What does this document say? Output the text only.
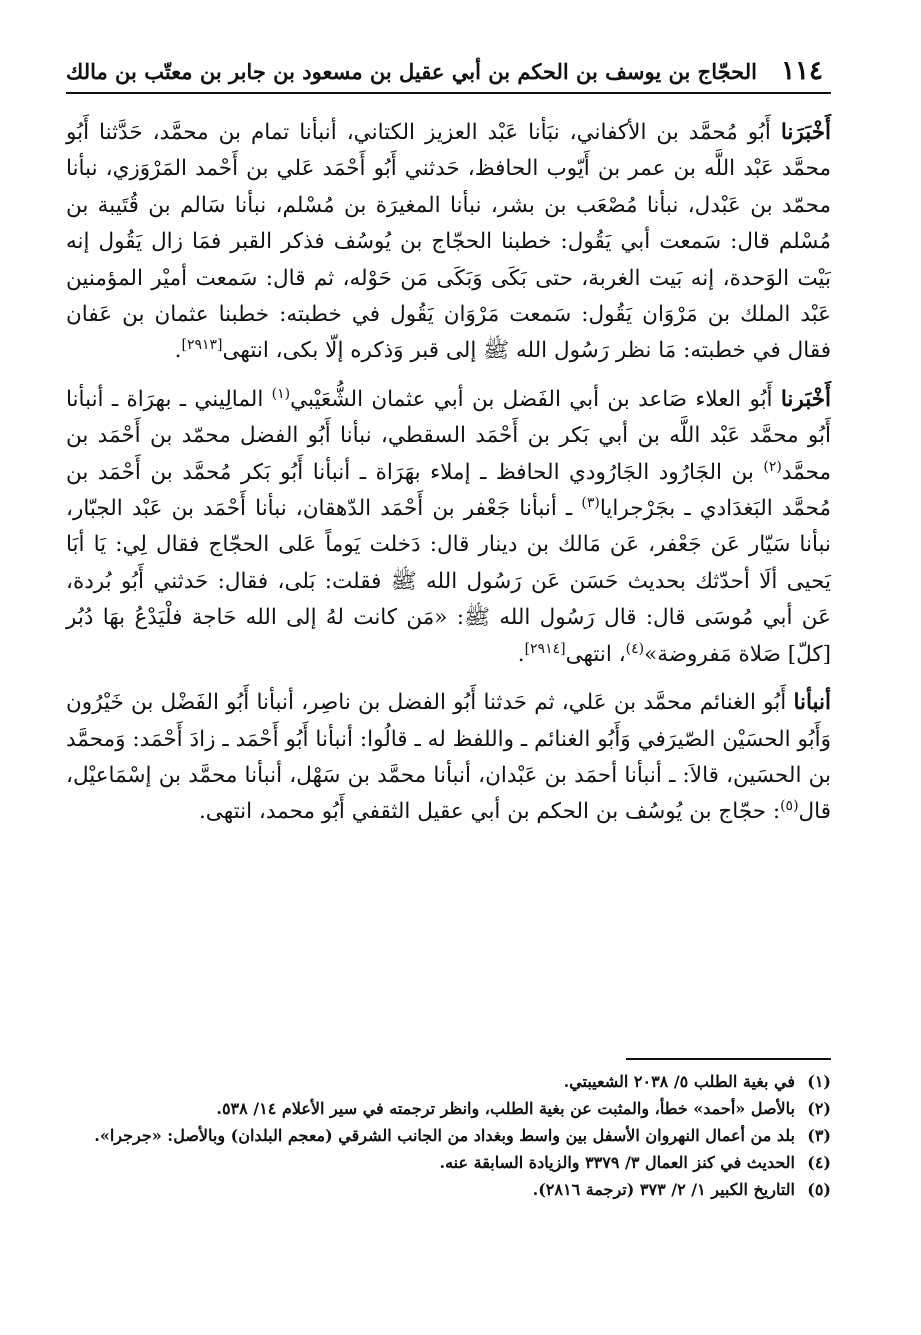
١١٤
الحجّاج بن يوسف بن الحكم بن أبي عقيل بن مسعود بن جابر بن معتّب بن مالك

أَخْبَرَنا أَبُو مُحمَّد بن الأكفاني، نبَأنا عَبْد العزيز الكتاني، أنبأنا تمام بن محمَّد، حَدَّثنا أَبُو محمَّد عَبْد اللَّه بن عمر بن أَيّوب الحافظ، حَدثني أَبُو أَحْمَد عَلي بن أَحْمد المَرْوَزي، نبأنا محمّد بن عَبْدل، نبأنا مُصْعَب بن بشر، نبأنا المغيرَة بن مُسْلم، نبأنا سَالم بن قُتَيبة بن مُسْلم قال: سَمعت أبي يَقُول: خطبنا الحجّاج بن يُوسُف فذكر القبر فمَا زال يَقُول إنه بَيْت الوَحدة، إنه بَيت الغربة، حتى بَكَى وَبَكَى مَن حَوْله، ثم قال: سَمعت أميْر المؤمنين عَبْد الملك بن مَرْوَان يَقُول: سَمعت مَرْوَان يَقُول في خطبته: خطبنا عثمان بن عَفان فقال في خطبته: مَا نظر رَسُول الله ﷺ إلى قبر وَذكره إلّا بكى، انتهى[٢٩١٣].

أَخْبَرنا أَبُو العلاء صَاعد بن أبي الفَضل بن أبي عثمان الشُّعَيْبي$^{(١)}$ المالِيني ـ بهرَاة ـ أنبأنا أَبُو محمَّد عَبْد اللَّه بن أبي بَكر بن أَحْمَد السقطي، نبأنا أَبُو الفضل محمّد بن أَحْمَد بن محمَّد$^{(٢)}$ بن الجَارُود الجَارُودي الحافظ ـ إملاء بهَرَاة ـ أنبأنا أَبُو بَكر مُحمَّد بن أَحْمَد بن مُحمَّد البَغدَادي ـ بجَرْجرايا$^{(٣)}$ ـ أنبأنا جَعْفر بن أَحْمَد الدّهقان، نبأنا أَحْمَد بن عَبْد الجبّار، نبأنا سَيّار عَن جَعْفر، عَن مَالك بن دينار قال: دَخلت يَوماً عَلى الحجّاج فقال لِي: يَا أبَا يَحيى ألَا أحدّثك بحديث حَسَن عَن رَسُول الله ﷺ فقلت: بَلى، فقال: حَدثني أَبُو بُردة، عَن أبي مُوسَى قال: قال رَسُول الله ﷺ: «مَن كانت لهُ إلى الله حَاجة فلْيَدْعُ بهَا دُبُر [كلّ] صَلاة مَفروضة»$^{(٤)}$، انتهى[٢٩١٤].

أنبأنا أَبُو الغنائم محمَّد بن عَلي، ثم حَدثنا أَبُو الفضل بن ناصِر، أنبأنا أَبُو الفَضْل بن خَيْرُون وَأَبُو الحسَيْن الصّيرَفي وَأَبُو الغنائم ـ واللفظ له ـ قالُوا: أنبأنا أَبُو أَحْمَد ـ زادَ أَحْمَد: وَمحمَّد بن الحسَين، قالاَ: ـ أنبأنا أحمَد بن عَبْدان، أنبأنا محمَّد بن سَهْل، أنبأنا محمَّد بن إسْمَاعيْل، قال$^{(٥)}$: حجّاج بن يُوسُف بن الحكم بن أبي عقيل الثقفي أَبُو محمد، انتهى.

(١)
في بغية الطلب ٥/ ٢٠٣٨ الشعيبتي.
(٢)
بالأصل «أحمد» خطأ، والمثبت عن بغية الطلب، وانظر ترجمته في سير الأعلام ١٤/ ٥٣٨.
(٣)
بلد من أعمال النهروان الأسفل بين واسط وبغداد من الجانب الشرقي (معجم البلدان) وبالأصل: «جرجرا».
(٤)
الحديث في كنز العمال ٣/ ٣٣٧٩ والزيادة السابقة عنه.
(٥)
التاريخ الكبير ١/ ٢/ ٣٧٣ (ترجمة ٢٨١٦).
